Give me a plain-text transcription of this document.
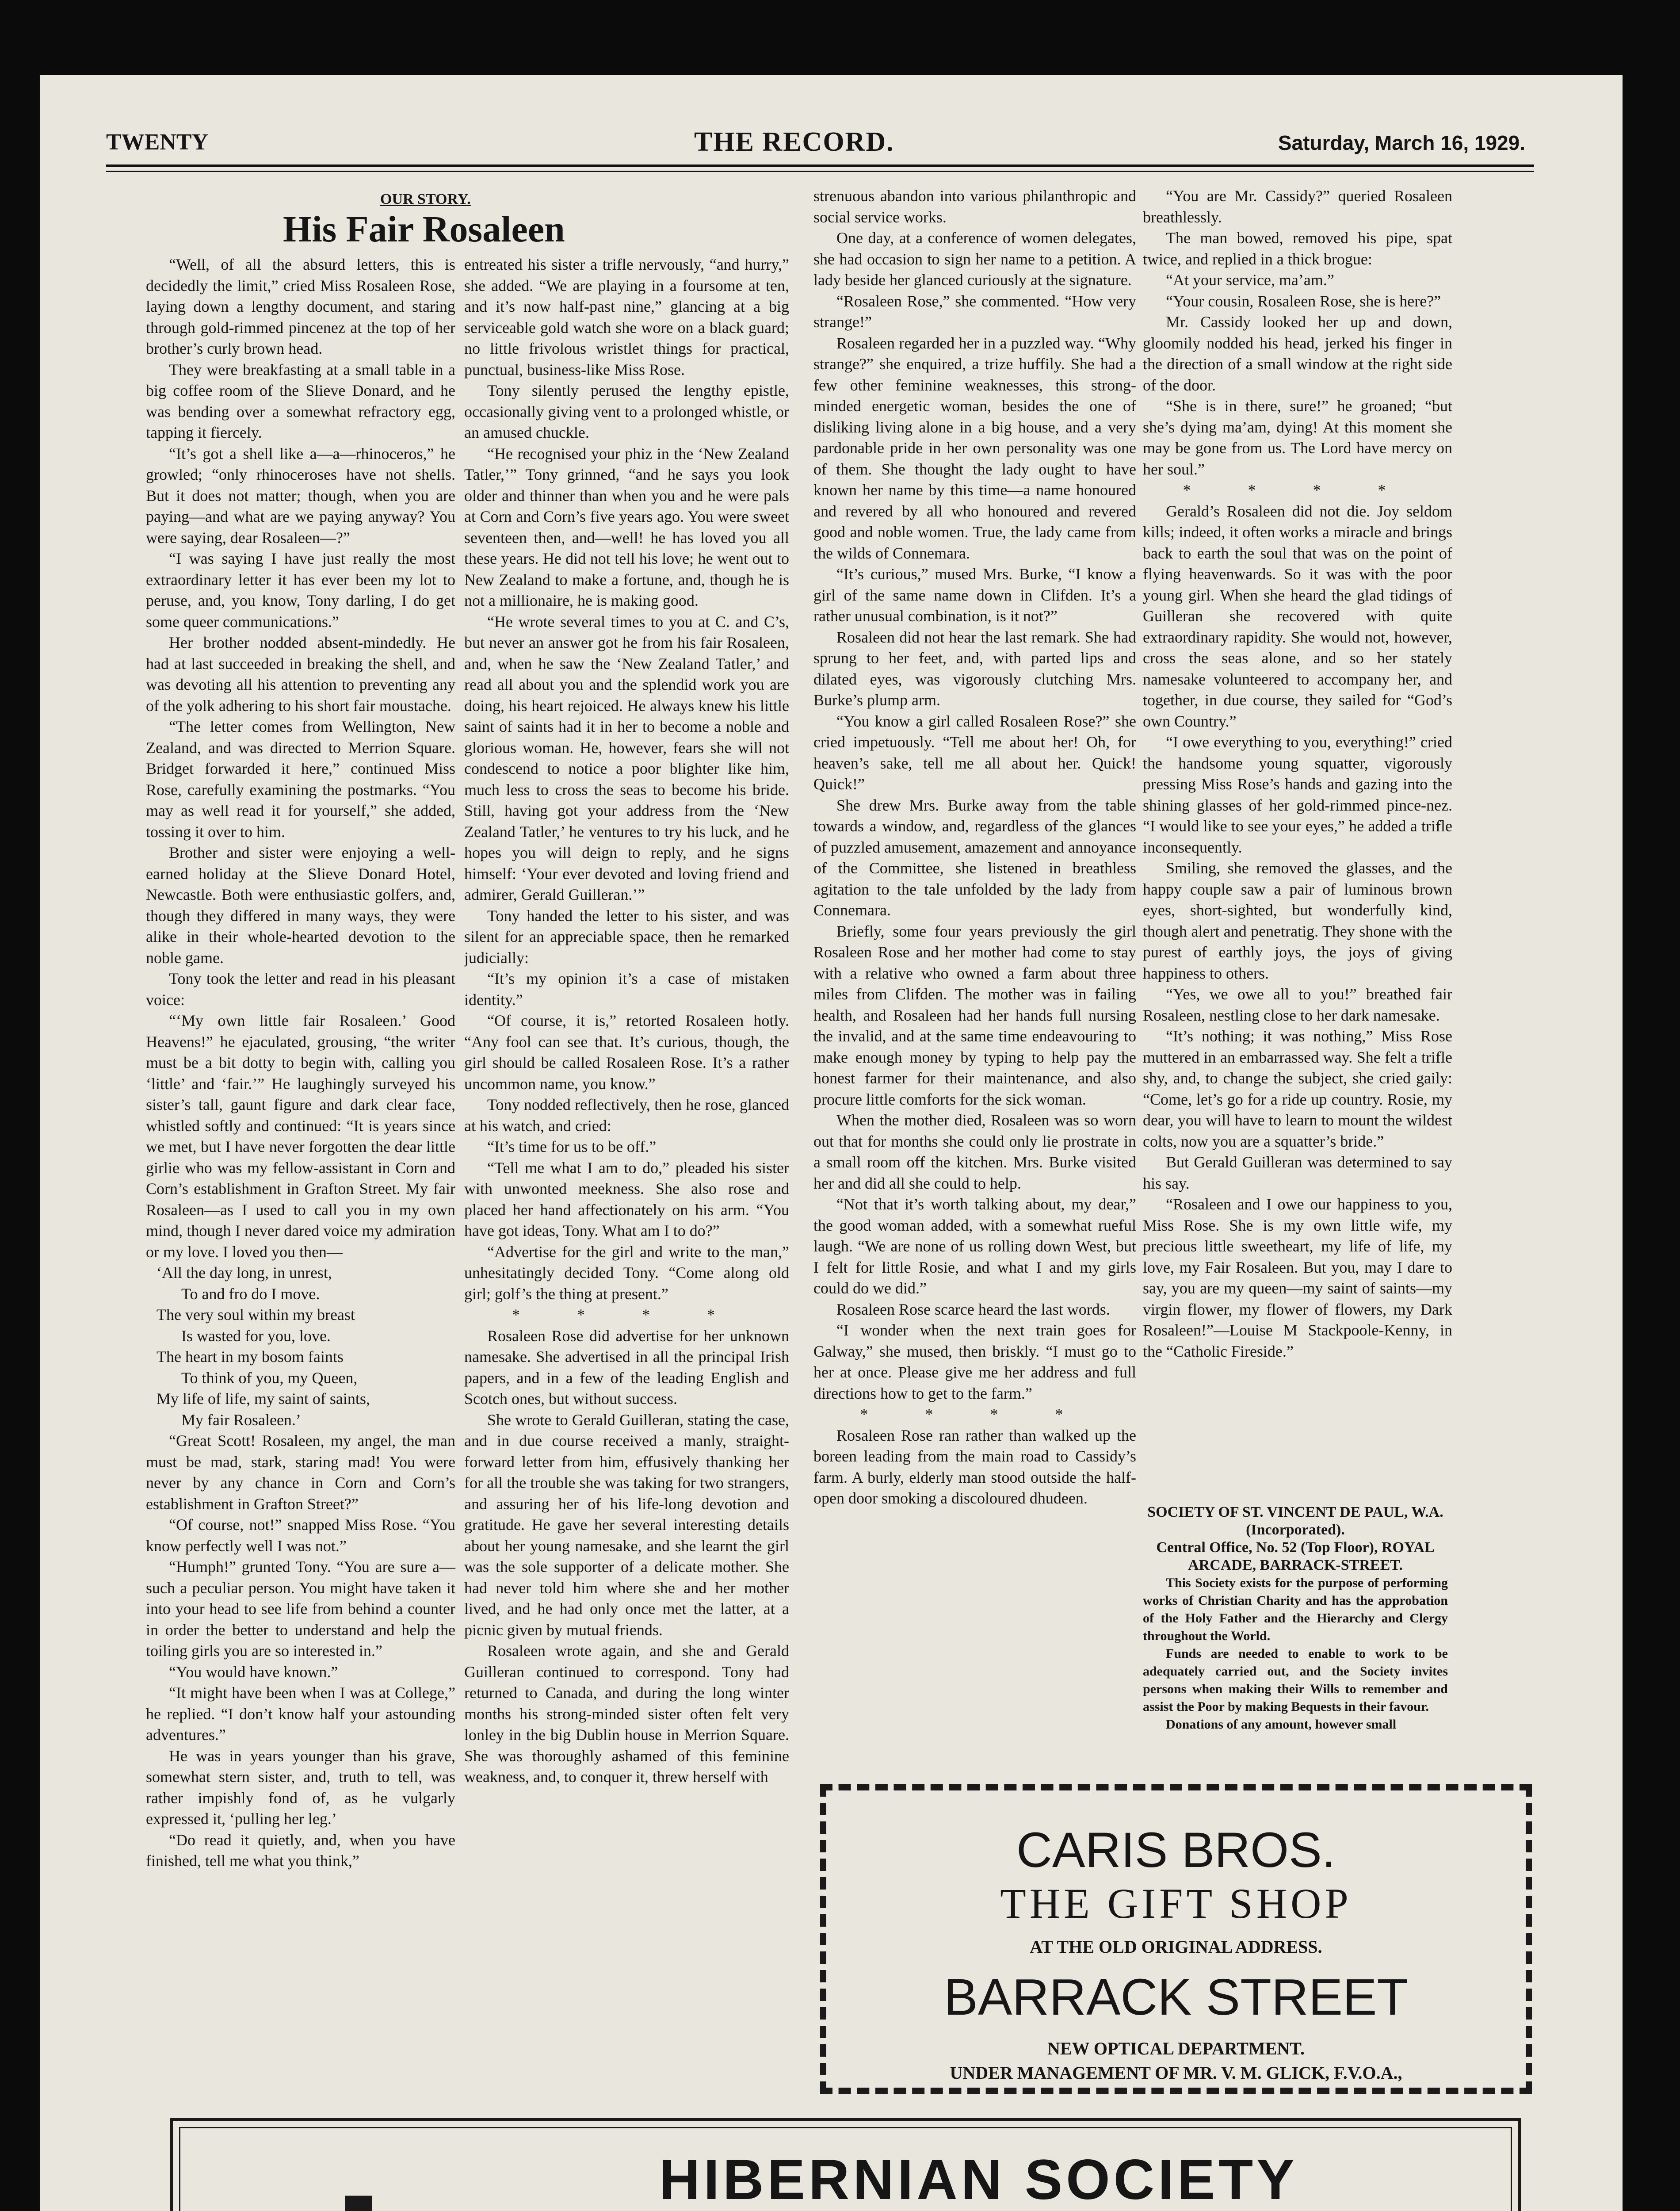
TWENTY	THE RECORD.	Saturday, March 16, 1929.
OUR STORY.
His Fair Rosaleen

“Well, of all the absurd letters, this is decidedly the limit,” cried Miss Rosaleen Rose, laying down a lengthy document, and staring through gold-rimmed pincenez at the top of her brother’s curly brown head.

They were breakfasting at a small table in a big coffee room of the Slieve Donard, and he was bending over a somewhat refractory egg, tapping it fiercely.

“It’s got a shell like a—a—rhinoceros,” he growled; “only rhinoceroses have not shells. But it does not matter; though, when you are paying—and what are we paying anyway? You were saying, dear Rosaleen—?”

“I was saying I have just really the most extraordinary letter it has ever been my lot to peruse, and, you know, Tony darling, I do get some queer communications.”

Her brother nodded absent-mindedly. He had at last succeeded in breaking the shell, and was devoting all his attention to preventing any of the yolk adhering to his short fair moustache.

“The letter comes from Wellington, New Zealand, and was directed to Merrion Square. Bridget forwarded it here,” continued Miss Rose, carefully examining the postmarks. “You may as well read it for yourself,” she added, tossing it over to him.

Brother and sister were enjoying a well-earned holiday at the Slieve Donard Hotel, Newcastle. Both were enthusiastic golfers, and, though they differed in many ways, they were alike in their whole-hearted devotion to the noble game.

Tony took the letter and read in his pleasant voice:

“‘My own little fair Rosaleen.’ Good Heavens!” he ejaculated, grousing, “the writer must be a bit dotty to begin with, calling you ‘little’ and ‘fair.’” He laughingly surveyed his sister’s tall, gaunt figure and dark clear face, whistled softly and continued: “It is years since we met, but I have never forgotten the dear little girlie who was my fellow-assistant in Corn and Corn’s establishment in Grafton Street. My fair Rosaleen—as I used to call you in my own mind, though I never dared voice my admiration or my love. I loved you then—

‘All the day long, in unrest,

To and fro do I move.

The very soul within my breast

Is wasted for you, love.

The heart in my bosom faints

To think of you, my Queen,

My life of life, my saint of saints,

My fair Rosaleen.’

“Great Scott! Rosaleen, my angel, the man must be mad, stark, staring mad! You were never by any chance in Corn and Corn’s establishment in Grafton Street?”

“Of course, not!” snapped Miss Rose. “You know perfectly well I was not.”

“Humph!” grunted Tony. “You are sure a—such a peculiar person. You might have taken it into your head to see life from behind a counter in order the better to understand and help the toiling girls you are so interested in.”

“You would have known.”

“It might have been when I was at College,” he replied. “I don’t know half your astounding adventures.”

He was in years younger than his grave, somewhat stern sister, and, truth to tell, was rather impishly fond of, as he vulgarly expressed it, ‘pulling her leg.’

“Do read it quietly, and, when you have finished, tell me what you think,”

entreated his sister a trifle nervously, “and hurry,” she added. “We are playing in a foursome at ten, and it’s now half-past nine,” glancing at a big serviceable gold watch she wore on a black guard; no little frivolous wristlet things for practical, punctual, business-like Miss Rose.

Tony silently perused the lengthy epistle, occasionally giving vent to a prolonged whistle, or an amused chuckle.

“He recognised your phiz in the ‘New Zealand Tatler,’” Tony grinned, “and he says you look older and thinner than when you and he were pals at Corn and Corn’s five years ago. You were sweet seventeen then, and—well! he has loved you all these years. He did not tell his love; he went out to New Zealand to make a fortune, and, though he is not a millionaire, he is making good.

“He wrote several times to you at C. and C’s, but never an answer got he from his fair Rosaleen, and, when he saw the ‘New Zealand Tatler,’ and read all about you and the splendid work you are doing, his heart rejoiced. He always knew his little saint of saints had it in her to become a noble and glorious woman. He, however, fears she will not condescend to notice a poor blighter like him, much less to cross the seas to become his bride. Still, having got your address from the ‘New Zealand Tatler,’ he ventures to try his luck, and he hopes you will deign to reply, and he signs himself: ‘Your ever devoted and loving friend and admirer, Gerald Guilleran.’”

Tony handed the letter to his sister, and was silent for an appreciable space, then he remarked judicially:

“It’s my opinion it’s a case of mistaken identity.”

“Of course, it is,” retorted Rosaleen hotly. “Any fool can see that. It’s curious, though, the girl should be called Rosaleen Rose. It’s a rather uncommon name, you know.”

Tony nodded reflectively, then he rose, glanced at his watch, and cried:

“It’s time for us to be off.”

“Tell me what I am to do,” pleaded his sister with unwonted meekness. She also rose and placed her hand affectionately on his arm. “You have got ideas, Tony. What am I to do?”

“Advertise for the girl and write to the man,” unhesitatingly decided Tony. “Come along old girl; golf’s the thing at present.”

* * * *

Rosaleen Rose did advertise for her unknown namesake. She advertised in all the principal Irish papers, and in a few of the leading English and Scotch ones, but without success.

She wrote to Gerald Guilleran, stating the case, and in due course received a manly, straight-forward letter from him, effusively thanking her for all the trouble she was taking for two strangers, and assuring her of his life-long devotion and gratitude. He gave her several interesting details about her young namesake, and she learnt the girl was the sole supporter of a delicate mother. She had never told him where she and her mother lived, and he had only once met the latter, at a picnic given by mutual friends.

Rosaleen wrote again, and she and Gerald Guilleran continued to correspond. Tony had returned to Canada, and during the long winter months his strong-minded sister often felt very lonley in the big Dublin house in Merrion Square. She was thoroughly ashamed of this feminine weakness, and, to conquer it, threw herself with

strenuous abandon into various philanthropic and social service works.

One day, at a conference of women delegates, she had occasion to sign her name to a petition. A lady beside her glanced curiously at the signature.

“Rosaleen Rose,” she commented. “How very strange!”

Rosaleen regarded her in a puzzled way. “Why strange?” she enquired, a trize huffily. She had a few other feminine weaknesses, this strong-minded energetic woman, besides the one of disliking living alone in a big house, and a very pardonable pride in her own personality was one of them. She thought the lady ought to have known her name by this time—a name honoured and revered by all who honoured and revered good and noble women. True, the lady came from the wilds of Connemara.

“It’s curious,” mused Mrs. Burke, “I know a girl of the same name down in Clifden. It’s a rather unusual combination, is it not?”

Rosaleen did not hear the last remark. She had sprung to her feet, and, with parted lips and dilated eyes, was vigorously clutching Mrs. Burke’s plump arm.

“You know a girl called Rosaleen Rose?” she cried impetuously. “Tell me about her! Oh, for heaven’s sake, tell me all about her. Quick! Quick!”

She drew Mrs. Burke away from the table towards a window, and, regardless of the glances of puzzled amusement, amazement and annoyance of the Committee, she listened in breathless agitation to the tale unfolded by the lady from Connemara.

Briefly, some four years previously the girl Rosaleen Rose and her mother had come to stay with a relative who owned a farm about three miles from Clifden. The mother was in failing health, and Rosaleen had her hands full nursing the invalid, and at the same time endeavouring to make enough money by typing to help pay the honest farmer for their maintenance, and also procure little comforts for the sick woman.

When the mother died, Rosaleen was so worn out that for months she could only lie prostrate in a small room off the kitchen. Mrs. Burke visited her and did all she could to help.

“Not that it’s worth talking about, my dear,” the good woman added, with a somewhat rueful laugh. “We are none of us rolling down West, but I felt for little Rosie, and what I and my girls could do we did.”

Rosaleen Rose scarce heard the last words.

“I wonder when the next train goes for Galway,” she mused, then briskly. “I must go to her at once. Please give me her address and full directions how to get to the farm.”

* * * *

Rosaleen Rose ran rather than walked up the boreen leading from the main road to Cassidy’s farm. A burly, elderly man stood outside the half-open door smoking a discoloured dhudeen.

“You are Mr. Cassidy?” queried Rosaleen breathlessly.

The man bowed, removed his pipe, spat twice, and replied in a thick brogue:

“At your service, ma’am.”

“Your cousin, Rosaleen Rose, she is here?”

Mr. Cassidy looked her up and down, gloomily nodded his head, jerked his finger in the direction of a small window at the right side of the door.

“She is in there, sure!” he groaned; “but she’s dying ma’am, dying! At this moment she may be gone from us. The Lord have mercy on her soul.”

* * * *

Gerald’s Rosaleen did not die. Joy seldom kills; indeed, it often works a miracle and brings back to earth the soul that was on the point of flying heavenwards. So it was with the poor young girl. When she heard the glad tidings of Guilleran she recovered with quite extraordinary rapidity. She would not, however, cross the seas alone, and so her stately namesake volunteered to accompany her, and together, in due course, they sailed for “God’s own Country.”

“I owe everything to you, everything!” cried the handsome young squatter, vigorously pressing Miss Rose’s hands and gazing into the shining glasses of her gold-rimmed pince-nez. “I would like to see your eyes,” he added a trifle inconsequently.

Smiling, she removed the glasses, and the happy couple saw a pair of luminous brown eyes, short-sighted, but wonderfully kind, though alert and penetratig. They shone with the purest of earthly joys, the joys of giving happiness to others.

“Yes, we owe all to you!” breathed fair Rosaleen, nestling close to her dark namesake.

“It’s nothing; it was nothing,” Miss Rose muttered in an embarrassed way. She felt a trifle shy, and, to change the subject, she cried gaily: “Come, let’s go for a ride up country. Rosie, my dear, you will have to learn to mount the wildest colts, now you are a squatter’s bride.”

But Gerald Guilleran was determined to say his say.

“Rosaleen and I owe our happiness to you, Miss Rose. She is my own little wife, my precious little sweetheart, my life of life, my love, my Fair Rosaleen. But you, may I dare to say, you are my queen—my saint of saints—my virgin flower, my flower of flowers, my Dark Rosaleen!”—Louise M Stackpoole-Kenny, in the “Catholic Fireside.”

SOCIETY OF ST. VINCENT DE PAUL, W.A. (Incorporated).

Central Office, No. 52 (Top Floor), ROYAL ARCADE, BARRACK-STREET.

This Society exists for the purpose of performing works of Christian Charity and has the approbation of the Holy Father and the Hierarchy and Clergy throughout the World.

Funds are needed to enable to work to be adequately carried out, and the Society invites persons when making their Wills to remember and assist the Poor by making Bequests in their favour.

Donations of any amount, however small

CARIS BROS.
THE GIFT SHOP
AT THE OLD ORIGINAL ADDRESS.
BARRACK STREET
NEW OPTICAL DEPARTMENT.
UNDER MANAGEMENT OF MR. V. M. GLICK, F.V.O.A.,
HIBERNIAN SOCIETY
